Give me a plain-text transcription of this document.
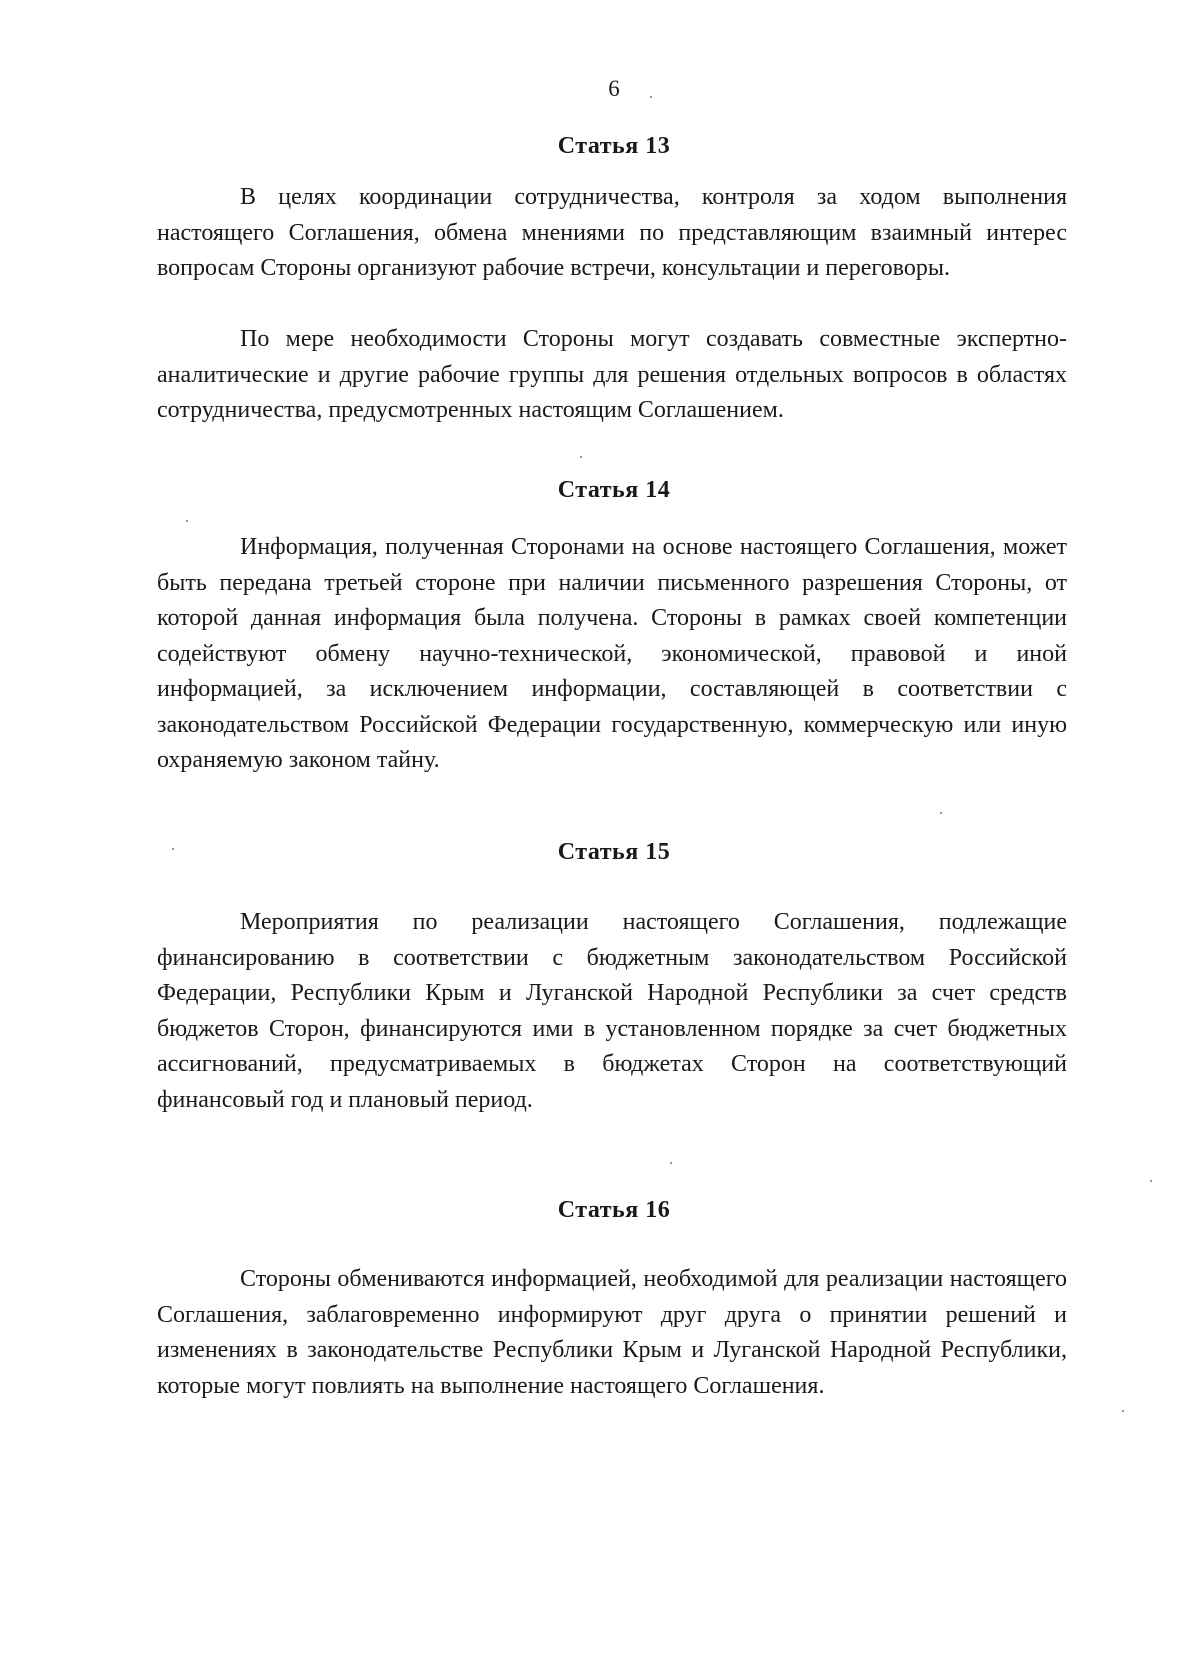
6
Статья 13

В целях координации сотрудничества, контроля за ходом выполнения настоящего Соглашения, обмена мнениями по представляющим взаимный интерес вопросам Стороны организуют рабочие встречи, консультации и переговоры.

По мере необходимости Стороны могут создавать совместные экспертно-аналитические и другие рабочие группы для решения отдельных вопросов в областях сотрудничества, предусмотренных настоящим Соглашением.

Статья 14

Информация, полученная Сторонами на основе настоящего Соглашения, может быть передана третьей стороне при наличии письменного разрешения Стороны, от которой данная информация была получена. Стороны в рамках своей компетенции содействуют обмену научно-технической, экономической, правовой и иной информацией, за исключением информации, составляющей в соответствии с законодательством Российской Федерации государственную, коммерческую или иную охраняемую законом тайну.

Статья 15

Мероприятия по реализации настоящего Соглашения, подлежащие финансированию в соответствии с бюджетным законодательством Российской Федерации, Республики Крым и Луганской Народной Республики за счет средств бюджетов Сторон, финансируются ими в установленном порядке за счет бюджетных ассигнований, предусматриваемых в бюджетах Сторон на соответствующий финансовый год и плановый период.

Статья 16

Стороны обмениваются информацией, необходимой для реализации настоящего Соглашения, заблаговременно информируют друг друга о принятии решений и изменениях в законодательстве Республики Крым и Луганской Народной Республики, которые могут повлиять на выполнение настоящего Соглашения.
